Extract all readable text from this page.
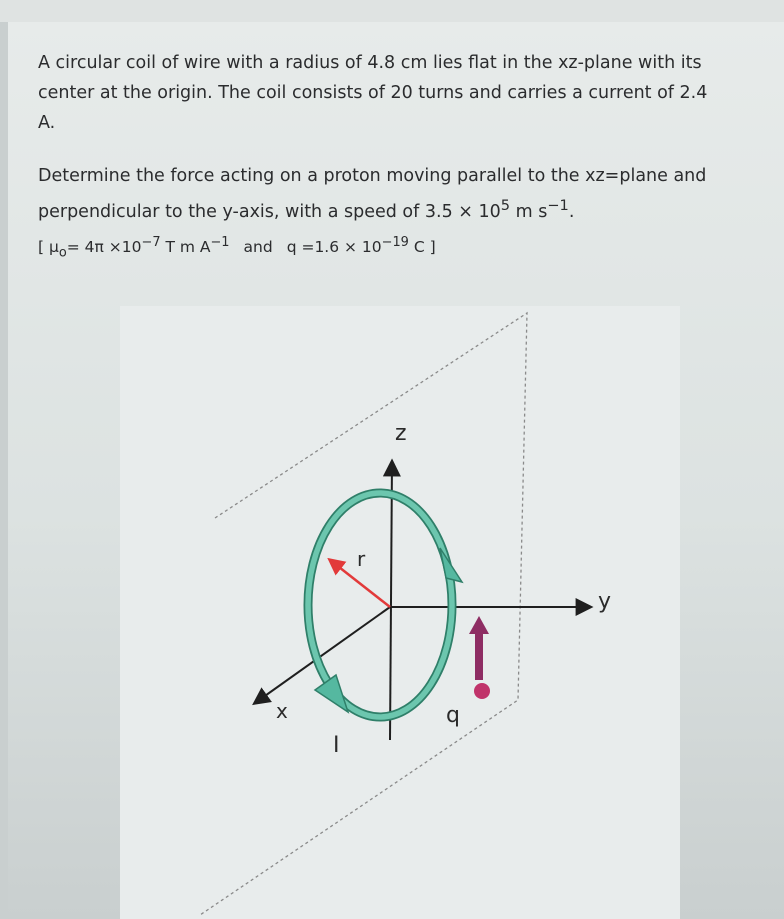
A circular coil of wire with a radius of 4.8 cm lies flat in the xz-plane with its
center at the origin. The coil consists of 20 turns and carries a current of 2.4
A.
Determine the force acting on a proton moving parallel to the xz=plane and
perpendicular to the y-axis, with a speed of $3.5 \times 10^5$ m $s^{-1}$.
[ $\mu_o= 4\pi \times 10^{-7}$ T m $A^{-1}$ and $q =1.6 \times 10^{-19}$ C ]
z
y
x
r
q
I
